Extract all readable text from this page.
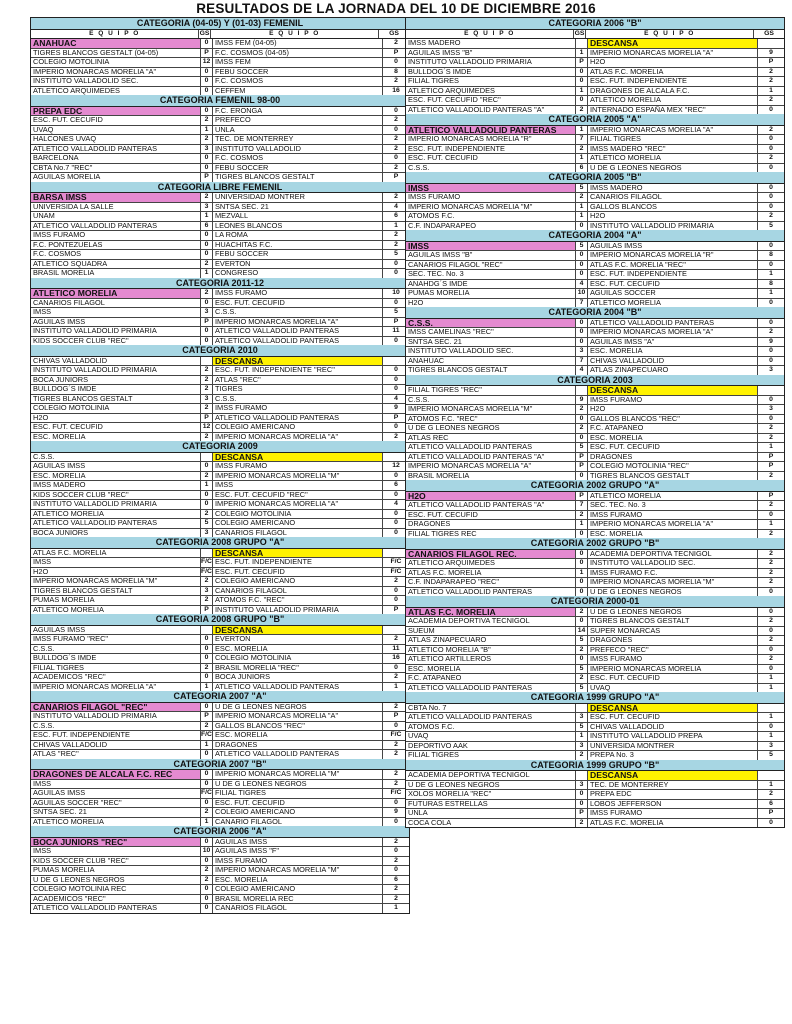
RESULTADOS DE LA JORNADA DEL 10 DE DICIEMBRE 2016
CATEGORIA (04-05) Y (01-03) FEMENIL
E Q U I P O	GS	E Q U I P O	GS
ANAHUAC	0 IMSS FEM (04-05)	2
TIGRES BLANCOS GESTALT (04-05)	P F.C. COSMOS (04-05)	P
COLEGIO MOTOLINIA	12 IMSS FEM	0
IMPERIO MONARCAS MORELIA "A"	0 FEBU SOCCER	8
INSTITUTO VALLADOLID SEC.	0 F.C. COSMOS	2
ATLETICO ARQUIMEDES	0 CEFFEM	16
CATEGORIA FEMENIL 98-00
PREPA EDC	0 F.C. ERONGA	0
ESC. FUT. CECUFID	2 PREFECO	2
UVAQ	1 UNLA	0
HALCONES UVAQ	2 TEC. DE MONTERREY	2
ATLETICO VALLADOLID PANTERAS	3 INSTITUTO VALLADOLID	2
BARCELONA	0 F.C. COSMOS	0
CBTA No.7 "REC"	0 FEBU SOCCER	2
AGUILAS MORELIA	P TIGRES BLANCOS GESTALT	P
CATEGORIA LIBRE FEMENIL
BARSA IMSS	2 UNIVERSIDAD MONTRER	2
UNIVERSIDA LA SALLE	3 SNTSA SEC. 21	4
UNAM	1 MEZVALL	6
ATLETICO VALLADOLID PANTERAS	6 LEONES BLANCOS	1
IMSS FURAMO	0 LA ROMA	2
F.C. PONTEZUELAS	0 HUACHITAS F.C.	2
F.C. COSMOS	0 FEBU SOCCER	5
ATLETICO SQUADRA	2 EVERTON	0
BRASIL MORELIA	1 CONGRESO	0
CATEGORIA 2011-12
ATLETICO MORELIA	2 IMSS FURAMO	10
CANARIOS FILAGOL	0 ESC. FUT. CECUFID	0
IMSS	3 C.S.S.	5
AGUILAS IMSS	P IMPERIO MONARCAS MORELIA "A"	P
INSTITUTO VALLADOLID PRIMARIA	0 ATLETICO VALLADOLID PANTERAS	11
KIDS SOCCER CLUB "REC"	0 ATLETICO VALLADOLID PANTERAS	0
CATEGORIA 2010
CHIVAS VALLADOLID	DESCANSA
INSTITUTO VALLADOLID PRIMARIA	2 ESC. FUT. INDEPENDIENTE "REC"	0
BOCA JUNIORS	2 ATLAS "REC"	0
BULLDOG´S IMDE	2 TIGRES	0
TIGRES BLANCOS GESTALT	3 C.S.S.	4
COLEGIO MOTOLINIA	2 IMSS FURAMO	9
H2O	P ATLETICO VALLADOLID PANTERAS	P
ESC. FUT. CECUFID	12 COLEGIO AMERICANO	0
ESC. MORELIA	2 IMPERIO MONARCAS MORELIA "A"	2
CATEGORIA 2009
C.S.S.	DESCANSA
AGUILAS IMSS	0 IMSS FURAMO	12
ESC. MORELIA	2 IMPERIO MONARCAS MORELIA "M"	0
IMSS MADERO	1 IMSS	6
KIDS SOCCER CLUB "REC"	0 ESC. FUT. CECUFID "REC"	0
INSTITUTO VALLADOLID PRIMARIA	0 IMPERIO MONARCAS MORELIA "A"	4
ATLETICO MORELIA	2 COLEGIO MOTOLINIA	0
ATLETICO VALLADOLID PANTERAS	5 COLEGIO AMERICANO	0
BOCA JUNIORS	3 CANARIOS FILAGOL	0
CATEGORIA 2008 GRUPO "A"
ATLAS F.C. MORELIA	DESCANSA
IMSS	F/C ESC. FUT. INDEPENDIENTE	F/C
H2O	F/C ESC. FUT. CECUFID	F/C
IMPERIO MONARCAS MORELIA "M"	2 COLEGIO AMERICANO	2
TIGRES BLANCOS GESTALT	3 CANARIOS FILAGOL	0
PUMAS MORELIA	2 ATOMOS F.C. "REC"	0
ATLETICO MORELIA	P INSTITUTO VALLADOLID PRIMARIA	P
CATEGORIA 2008 GRUPO "B"
AGUILAS IMSS	DESCANSA
IMSS FURAMO "REC"	0 EVERTON	2
C.S.S.	0 ESC. MORELIA	11
BULLDOG´S IMDE	0 COLEGIO MOTOLINIA	16
FILIAL TIGRES	2 BRASIL MORELIA "REC"	0
ACADEMICOS "REC"	0 BOCA JUNIORS	2
IMPERIO MONARCAS MORELIA "A"	1 ATLETICO VALLADOLID PANTERAS	1
CATEGORIA 2007 "A"
CANARIOS FILAGOL "REC"	0 U DE G LEONES NEGROS	2
INSTITUTO VALLADOLID PRIMARIA	P IMPERIO MONARCAS MORELIA "A"	P
C.S.S.	2 GALLOS BLANCOS "REC"	0
ESC. FUT. INDEPENDIENTE	F/C ESC. MORELIA	F/C
CHIVAS VALLADOLID	1 DRAGONES	2
ATLAS "REC"	0 ATLETICO VALLADOLID PANTERAS	2
CATEGORIA 2007 "B"
DRAGONES DE ALCALA F.C. REC	0 IMPERIO MONARCAS MORELIA "M"	2
IMSS	0 U DE G LEONES NEGROS	2
AGUILAS IMSS	F/C FILIAL TIGRES	F/C
AGUILAS SOCCER "REC"	0 ESC. FUT. CECUFID	0
SNTSA SEC. 21	2 COLEGIO AMERICANO	9
ATLETICO MORELIA	1 CANARIO FILAGOL	0
CATEGORIA 2006 "A"
BOCA JUNIORS "REC"	0 AGUILAS IMSS	2
IMSS	10 AGUILAS IMSS "F"	0
KIDS SOCCER CLUB "REC"	0 IMSS FURAMO	2
PUMAS MORELIA	2 IMPERIO MONARCAS MORELIA "M"	0
U DE G LEONES NEGROS	2 ESC. MORELIA	6
COLEGIO MOTOLINIA REC	0 COLEGIO AMERICANO	2
ACADEMICOS "REC"	0 BRASIL MORELIA REC	2
ATLETICO VALLADOLID PANTERAS	0 CANARIOS FILAGOL	1
CATEGORIA 2006 "B"
E Q U I P O	GS	E Q U I P O	GS
IMSS MADERO	DESCANSA
AGUILAS IMSS "B"	1 IMPERIO MONARCAS MORELIA "A"	9
INSTITUTO VALLADOLID PRIMARIA	P H2O	P
BULLDOG´S IMDE	0 ATLAS F.C. MORELIA	2
FILIAL TIGRES	0 ESC. FUT. INDEPENDIENTE	2
ATLETICO ARQUIMEDES	1 DRAGONES DE ALCALA F.C.	1
ESC. FUT. CECUFID "REC"	0 ATLETICO MORELIA	2
ATLETICO VALLADOLID PANTERAS "A"	2 INTERNADO ESPAÑA MEX "REC"	0
CATEGORIA 2005 "A"
ATLETICO VALLADOLID PANTERAS	1 IMPERIO MONARCAS MORELIA "A"	2
IMPERIO MONARCAS MORELIA "R"	7 FILIAL TIGRES	0
ESC. FUT. INDEPENDIENTE	2 IMSS MADERO "REC"	0
ESC. FUT. CECUFID	1 ATLETICO MORELIA	2
C.S.S.	6 U DE G LEONES NEGROS	0
CATEGORIA 2005 "B"
IMSS	5 IMSS MADERO	0
IMSS FURAMO	2 CANARIOS FILAGOL	0
IMPERIO MONARCAS MORELIA "M"	1 GALLOS BLANCOS	0
ATOMOS F.C.	1 H2O	2
C.F. INDAPARAPEO	0 INSTITUTO VALLADOLID PRIMARIA	5
CATEGORIA 2004 "A"
IMSS	5 AGUILAS IMSS	0
AGUILAS IMSS "B"	0 IMPERIO MONARCAS MORELIA "R"	8
CANARIOS FILAGOL "REC"	0 ATLAS F.C. MORELIA "REC"	0
SEC. TEC. No. 3	0 ESC. FUT. INDEPENDIENTE	1
ANAHDG´S IMDE	4 ESC. FUT. CECUFID	8
PUMAS MORELIA	10 AGUILAS SOCCER	1
H2O	7 ATLETICO MORELIA	0
CATEGORIA 2004 "B"
C.S.S.	0 ATLETICO VALLADOLID PANTERAS	0
IMSS CAMELINAS "REC"	0 IMPERIO MONARCAS MORELIA "A"	2
SNTSA SEC. 21	0 AGUILAS IMSS "A"	9
INSTITUTO VALLADOLID SEC.	3 ESC. MORELIA	0
ANAHUAC	7 CHIVAS VALLADOLID	0
TIGRES BLANCOS GESTALT	4 ATLAS ZINAPECUARO	3
CATEGORIA 2003
FILIAL TIGRES "REC"	DESCANSA
C.S.S.	9 IMSS FURAMO	0
IMPERIO MONARCAS MORELIA "M"	2 H2O	3
ATOMOS F.C. "REC"	0 GALLOS BLANCOS "REC"	0
U DE G LEONES NEGROS	2 F.C. ATAPANEO	2
ATLAS REC	0 ESC. MORELIA	2
ATLETICO VALLADOLID PANTERAS	5 ESC. FUT. CECUFID	1
ATLETICO VALLADOLID PANTERAS "A"	P DRAGONES	P
IMPERIO MONARCAS MORELIA "A"	P COLEGIO MOTOLINIA "REC"	P
BRASIL MORELIA	0 TIGRES BLANCOS GESTALT	2
CATEGORIA 2002 GRUPO "A"
H2O	P ATLETICO MORELIA	P
ATLETICO VALLADOLID PANTERAS "A"	7 SEC. TEC. No. 3	2
ESC. FUT. CECUFID	2 IMSS FURAMO	0
DRAGONES	1 IMPERIO MONARCAS MORELIA "A"	1
FILIAL TIGRES REC	0 ESC. MORELIA	2
CATEGORIA 2002 GRUPO "B"
CANARIOS FILAGOL REC.	0 ACADEMIA DEPORTIVA TECNIGOL	2
ATLETICO ARQUIMEDES	0 INSTITUTO VALLADOLID SEC.	2
ATLAS F.C. MORELIA	1 IMSS FURAMO F.C.	2
C.F. INDAPARAPEO "REC"	0 IMPERIO MONARCAS MORELIA "M"	2
ATLETICO VALLADOLID PANTERAS	0 U DE G LEONES NEGROS	0
CATEGORIA 2000-01
ATLAS F.C. MORELIA	2 U DE G LEONES NEGROS	0
ACADEMIA DEPORTIVA TECNIGOL	0 TIGRES BLANCOS GESTALT	2
SUEUM	14 SUPER MONARCAS	0
ATLAS ZINAPECUARO	5 DRAGONES	2
ATLETICO MORELIA "B"	2 PREFECO "REC"	0
ATLETICO ARTILLEROS	0 IMSS FURAMO	2
ESC. MORELIA	5 IMPERIO MONARCAS MORELIA	0
F.C. ATAPANEO	2 ESC. FUT. CECUFID	1
ATLETICO VALLADOLID PANTERAS	5 UVAQ	1
CATEGORIA 1999 GRUPO "A"
CBTA No. 7	DESCANSA
ATLETICO VALLADOLID PANTERAS	3 ESC. FUT. CECUFID	1
ATOMOS F.C.	5 CHIVAS VALLADOLID	0
UVAQ	1 INSTITUTO VALLADOLID PREPA	1
DEPORTIVO AAK	3 UNIVERSIDA MONTRER	3
FILIAL TIGRES	2 PREPA No. 3	5
CATEGORIA 1999 GRUPO "B"
ACADEMIA DEPORTIVA TECNIGOL	DESCANSA
U DE G LEONES NEGROS	3 TEC. DE MONTERREY	1
XOLOS MORELIA "REC"	0 PREPA EDC	2
FUTURAS ESTRELLAS	0 LOBOS JEFFERSON	6
UNLA	P IMSS FURAMO	P
COCA COLA	2 ATLAS F.C. MORELIA	0
